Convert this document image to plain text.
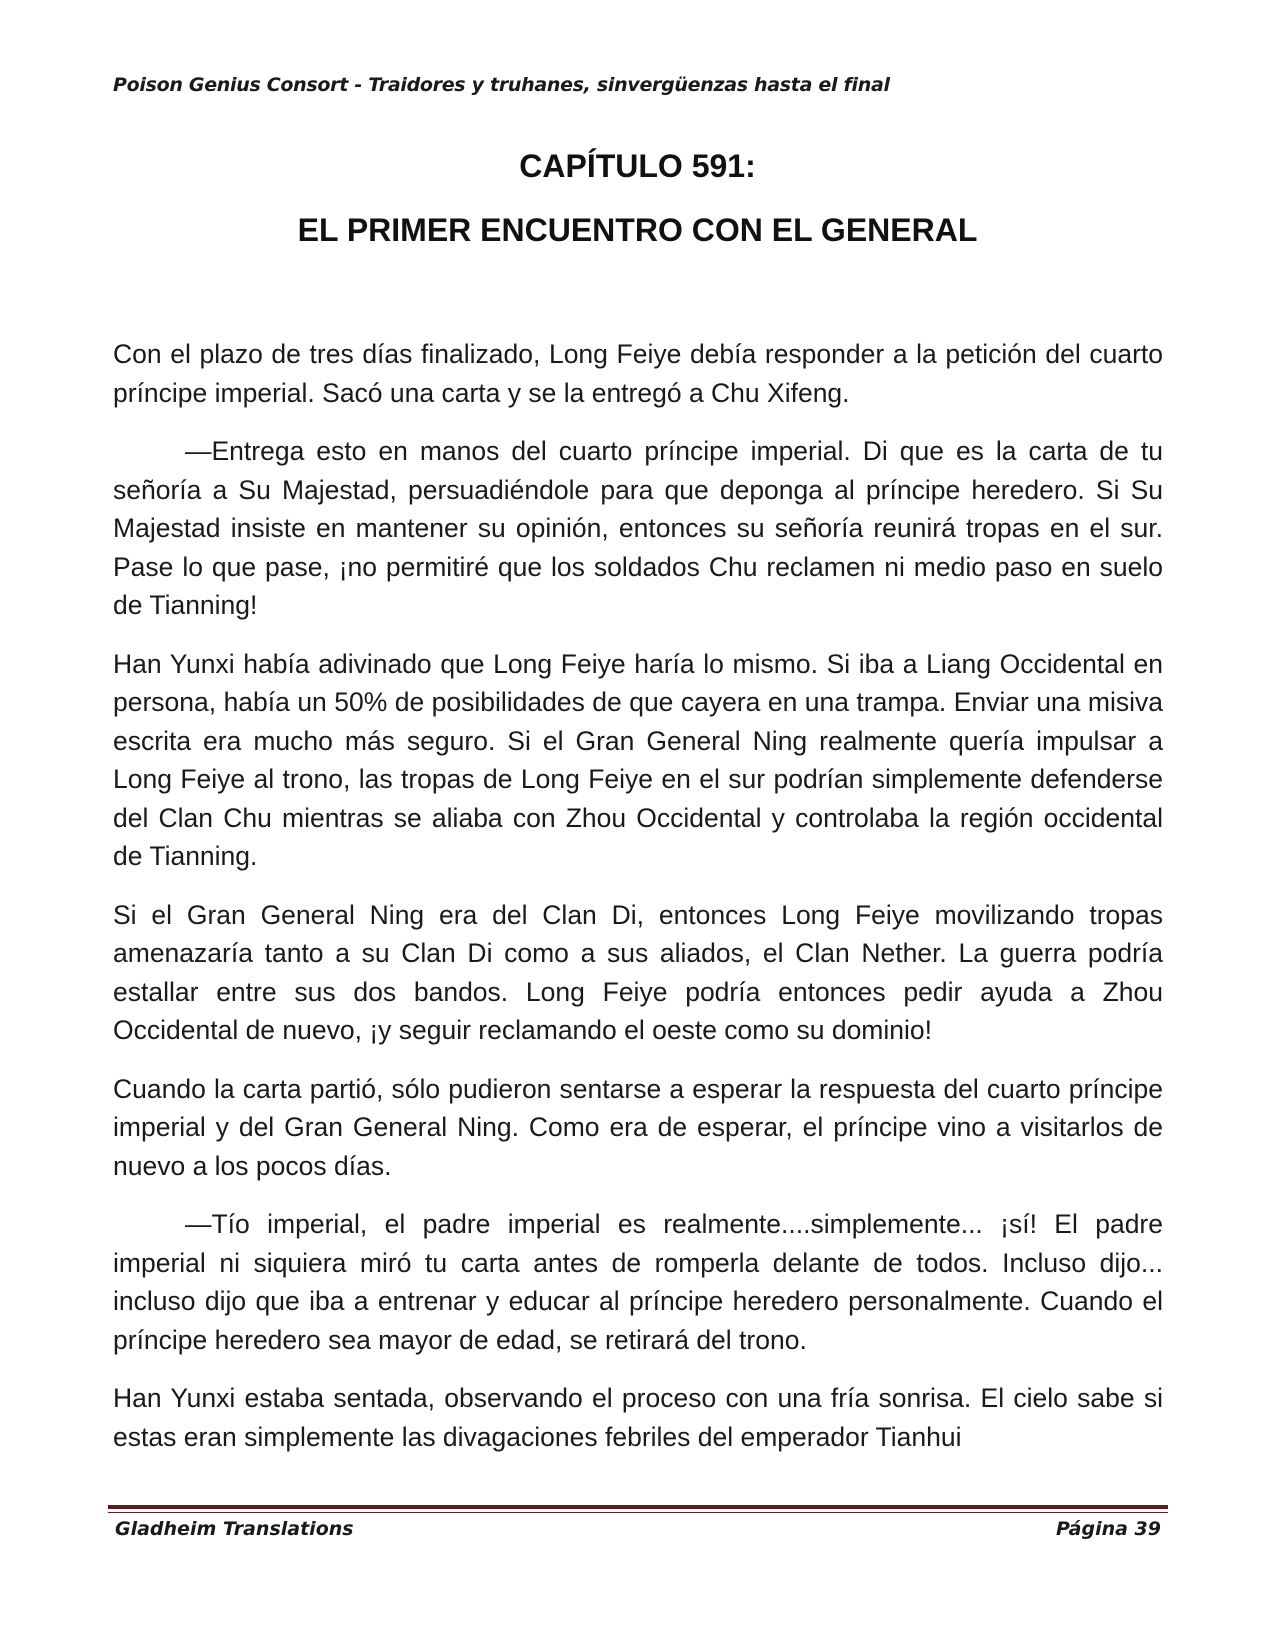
Poison Genius Consort - Traidores y truhanes, sinvergüenzas hasta el final
CAPÍTULO 591:
EL PRIMER ENCUENTRO CON EL GENERAL

Con el plazo de tres días finalizado, Long Feiye debía responder a la petición del cuarto príncipe imperial. Sacó una carta y se la entregó a Chu Xifeng.

—Entrega esto en manos del cuarto príncipe imperial. Di que es la carta de tu señoría a Su Majestad, persuadiéndole para que deponga al príncipe heredero. Si Su Majestad insiste en mantener su opinión, entonces su señoría reunirá tropas en el sur. Pase lo que pase, ¡no permitiré que los soldados Chu reclamen ni medio paso en suelo de Tianning!

Han Yunxi había adivinado que Long Feiye haría lo mismo. Si iba a Liang Occidental en persona, había un 50% de posibilidades de que cayera en una trampa. Enviar una misiva escrita era mucho más seguro. Si el Gran General Ning realmente quería impulsar a Long Feiye al trono, las tropas de Long Feiye en el sur podrían simplemente defenderse del Clan Chu mientras se aliaba con Zhou Occidental y controlaba la región occidental de Tianning.

Si el Gran General Ning era del Clan Di, entonces Long Feiye movilizando tropas amenazaría tanto a su Clan Di como a sus aliados, el Clan Nether. La guerra podría estallar entre sus dos bandos. Long Feiye podría entonces pedir ayuda a Zhou Occidental de nuevo, ¡y seguir reclamando el oeste como su dominio!

Cuando la carta partió, sólo pudieron sentarse a esperar la respuesta del cuarto príncipe imperial y del Gran General Ning. Como era de esperar, el príncipe vino a visitarlos de nuevo a los pocos días.

—Tío imperial, el padre imperial es realmente....simplemente... ¡sí! El padre imperial ni siquiera miró tu carta antes de romperla delante de todos. Incluso dijo... incluso dijo que iba a entrenar y educar al príncipe heredero personalmente. Cuando el príncipe heredero sea mayor de edad, se retirará del trono.

Han Yunxi estaba sentada, observando el proceso con una fría sonrisa. El cielo sabe si estas eran simplemente las divagaciones febriles del emperador Tianhui

Gladheim Translations	Página 39
